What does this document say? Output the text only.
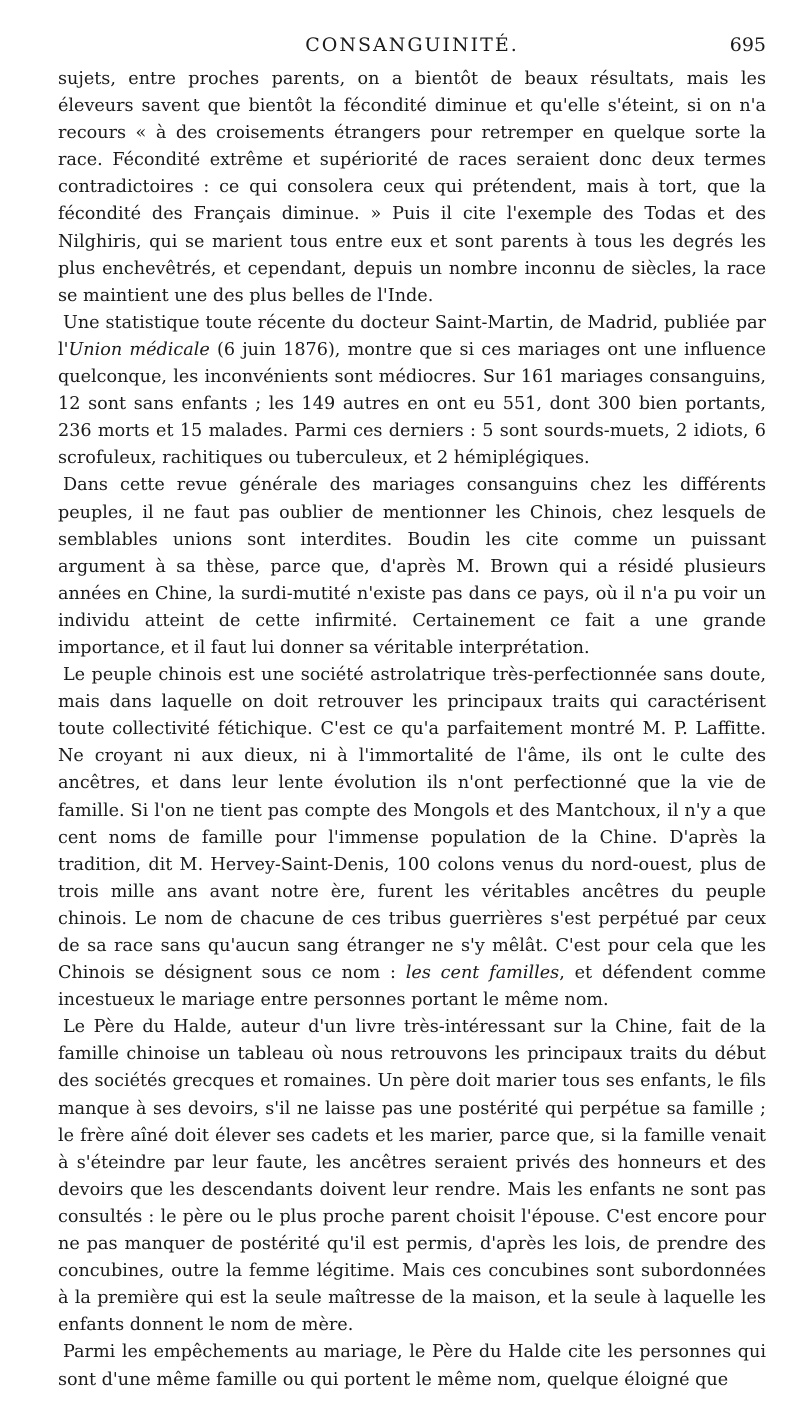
CONSANGUINITÉ.	695

sujets, entre proches parents, on a bientôt de beaux résultats, mais les éleveurs savent que bientôt la fécondité diminue et qu'elle s'éteint, si on n'a recours « à des croisements étrangers pour retremper en quelque sorte la race. Fécondité extrême et supériorité de races seraient donc deux termes contradictoires : ce qui consolera ceux qui prétendent, mais à tort, que la fécondité des Français diminue. » Puis il cite l'exemple des Todas et des Nilghiris, qui se marient tous entre eux et sont parents à tous les degrés les plus enchevêtrés, et cependant, depuis un nombre inconnu de siècles, la race se maintient une des plus belles de l'Inde.

Une statistique toute récente du docteur Saint-Martin, de Madrid, publiée par l'Union médicale (6 juin 1876), montre que si ces mariages ont une influence quelconque, les inconvénients sont médiocres. Sur 161 mariages consanguins, 12 sont sans enfants ; les 149 autres en ont eu 551, dont 300 bien portants, 236 morts et 15 malades. Parmi ces derniers : 5 sont sourds-muets, 2 idiots, 6 scrofuleux, rachitiques ou tuberculeux, et 2 hémiplégiques.

Dans cette revue générale des mariages consanguins chez les différents peuples, il ne faut pas oublier de mentionner les Chinois, chez lesquels de semblables unions sont interdites. Boudin les cite comme un puissant argument à sa thèse, parce que, d'après M. Brown qui a résidé plusieurs années en Chine, la surdi-mutité n'existe pas dans ce pays, où il n'a pu voir un individu atteint de cette infirmité. Certainement ce fait a une grande importance, et il faut lui donner sa véritable interprétation.

Le peuple chinois est une société astrolatrique très-perfectionnée sans doute, mais dans laquelle on doit retrouver les principaux traits qui caractérisent toute collectivité fétichique. C'est ce qu'a parfaitement montré M. P. Laffitte. Ne croyant ni aux dieux, ni à l'immortalité de l'âme, ils ont le culte des ancêtres, et dans leur lente évolution ils n'ont perfectionné que la vie de famille. Si l'on ne tient pas compte des Mongols et des Mantchoux, il n'y a que cent noms de famille pour l'immense population de la Chine. D'après la tradition, dit M. Hervey-Saint-Denis, 100 colons venus du nord-ouest, plus de trois mille ans avant notre ère, furent les véritables ancêtres du peuple chinois. Le nom de chacune de ces tribus guerrières s'est perpétué par ceux de sa race sans qu'aucun sang étranger ne s'y mêlât. C'est pour cela que les Chinois se désignent sous ce nom : les cent familles, et défendent comme incestueux le mariage entre personnes portant le même nom.

Le Père du Halde, auteur d'un livre très-intéressant sur la Chine, fait de la famille chinoise un tableau où nous retrouvons les principaux traits du début des sociétés grecques et romaines. Un père doit marier tous ses enfants, le fils manque à ses devoirs, s'il ne laisse pas une postérité qui perpétue sa famille ; le frère aîné doit élever ses cadets et les marier, parce que, si la famille venait à s'éteindre par leur faute, les ancêtres seraient privés des honneurs et des devoirs que les descendants doivent leur rendre. Mais les enfants ne sont pas consultés : le père ou le plus proche parent choisit l'épouse. C'est encore pour ne pas manquer de postérité qu'il est permis, d'après les lois, de prendre des concubines, outre la femme légitime. Mais ces concubines sont subordonnées à la première qui est la seule maîtresse de la maison, et la seule à laquelle les enfants donnent le nom de mère.

Parmi les empêchements au mariage, le Père du Halde cite les personnes qui sont d'une même famille ou qui portent le même nom, quelque éloigné que
